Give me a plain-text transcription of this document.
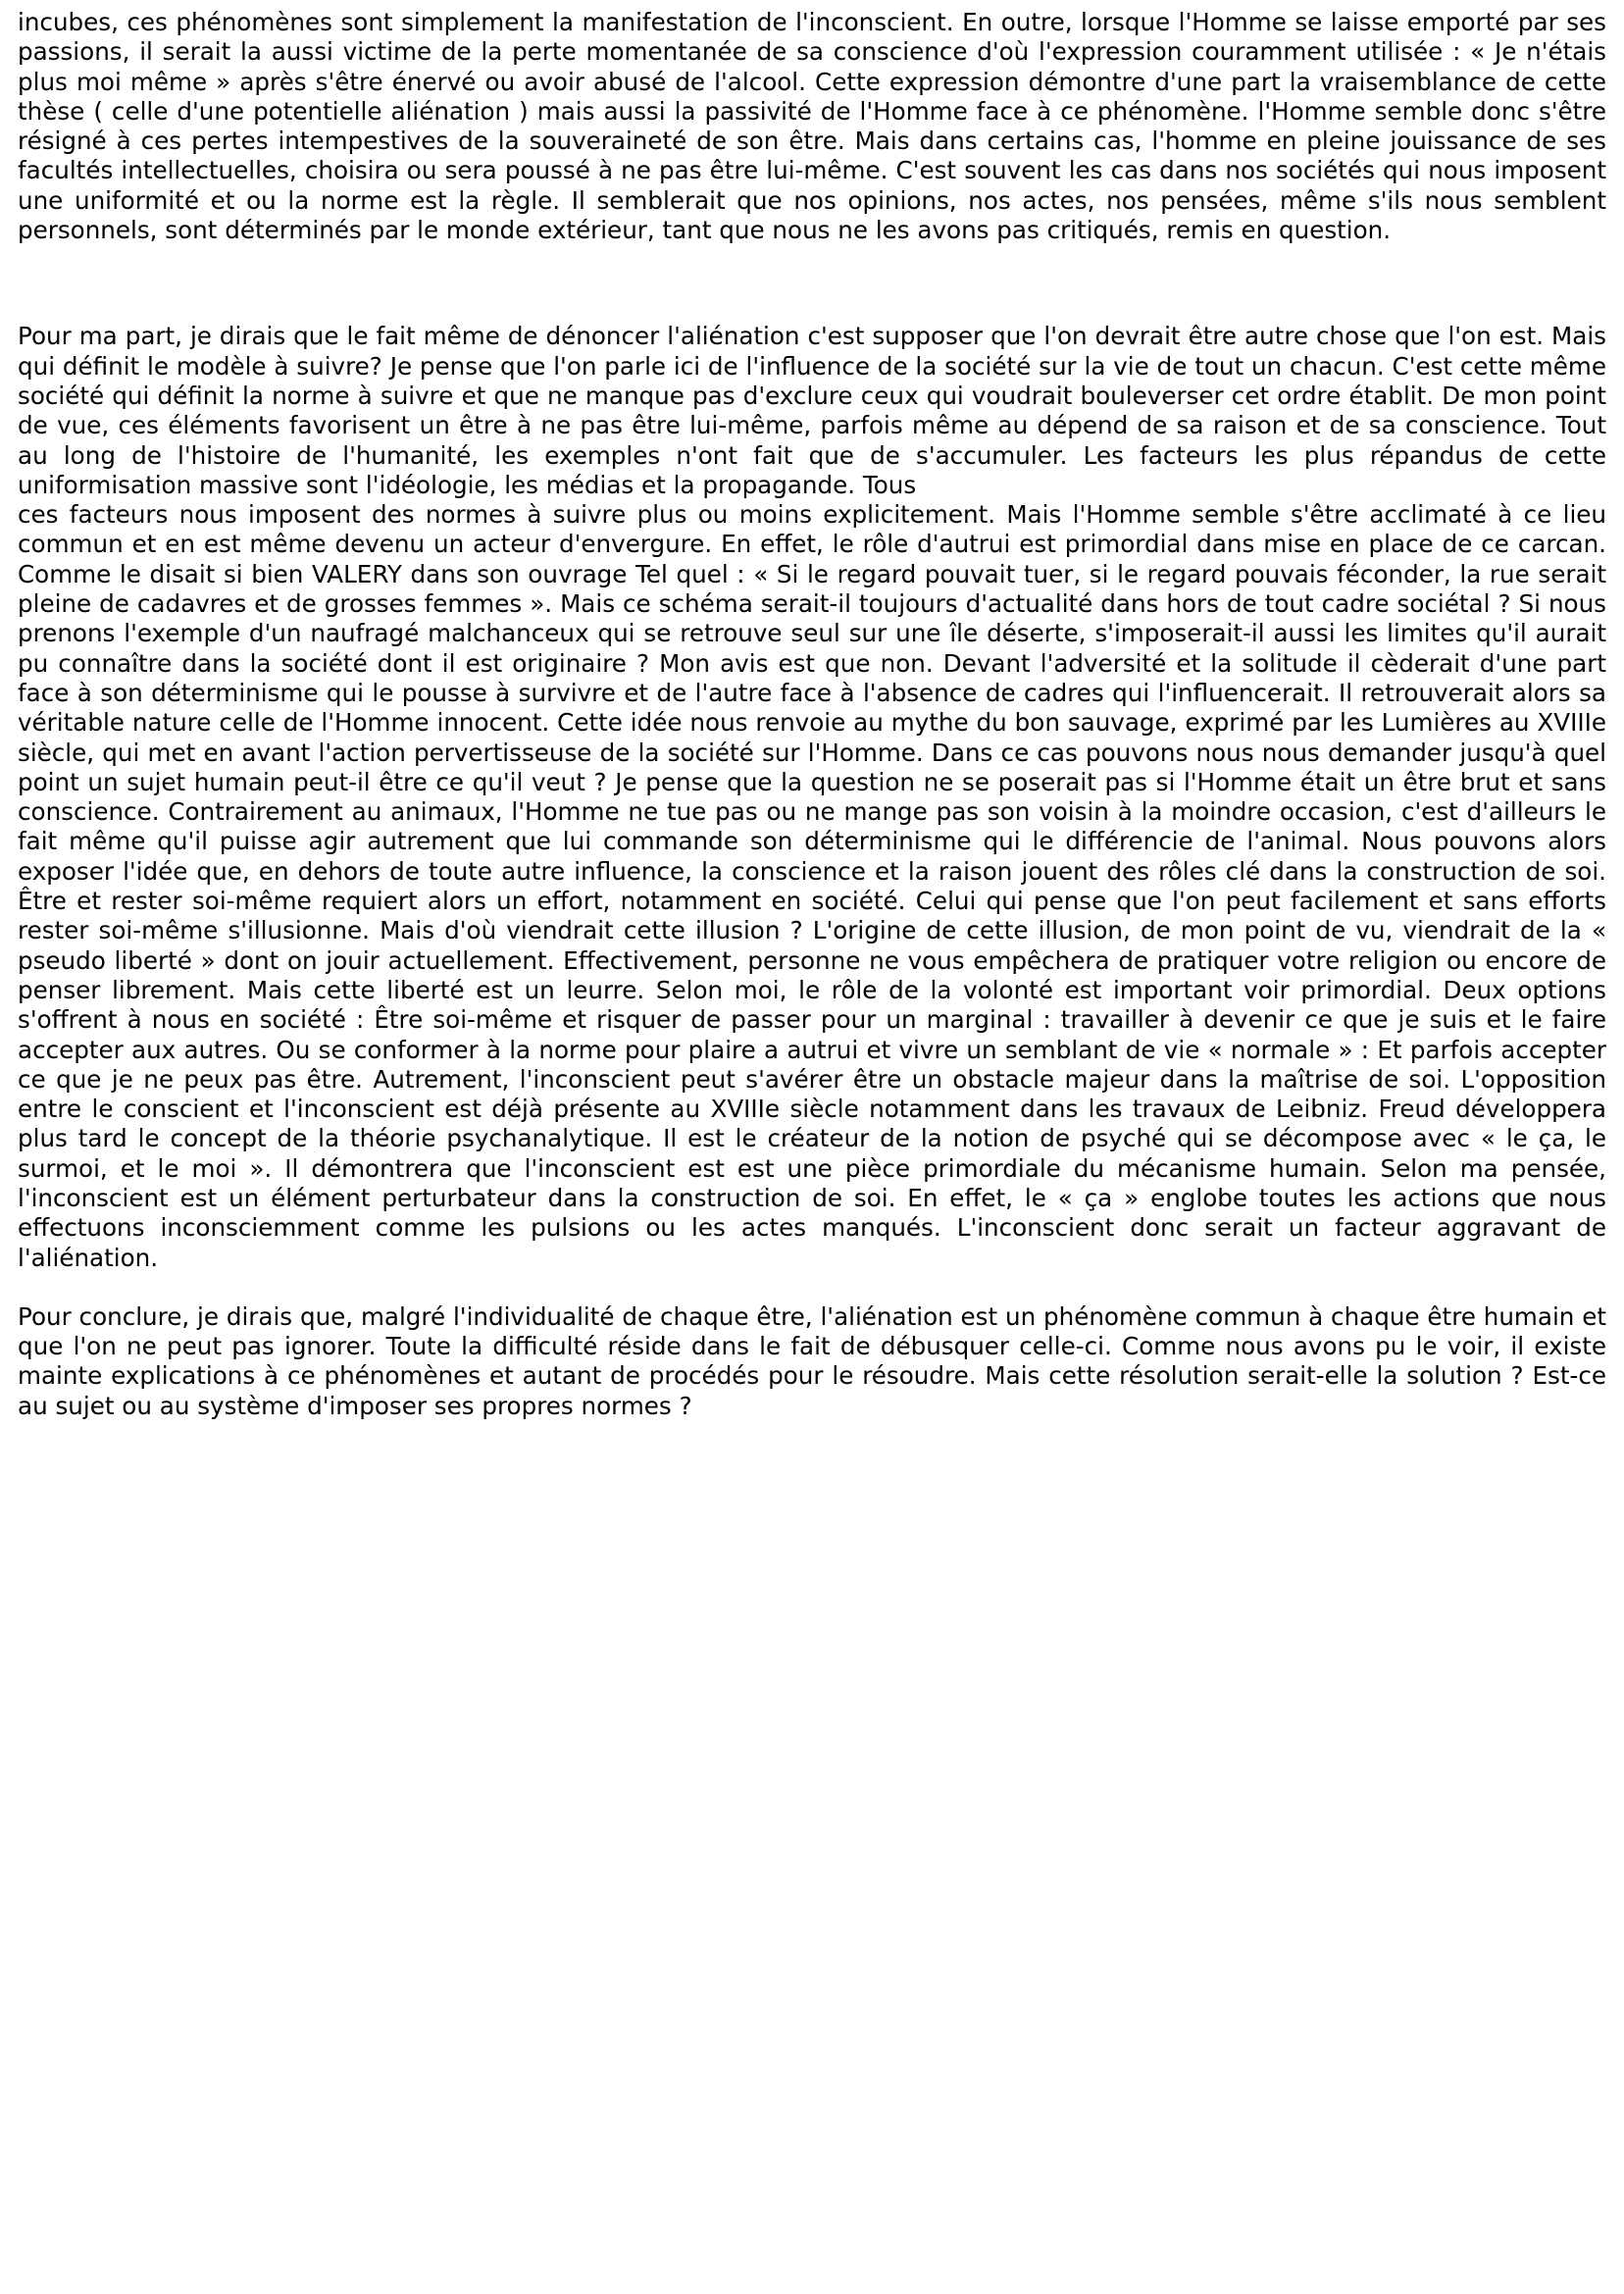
incubes, ces phénomènes sont simplement la manifestation de l'inconscient. En outre, lorsque l'Homme se laisse emporté par ses passions, il serait la aussi victime de la perte momentanée de sa conscience d'où l'expression couramment utilisée : « Je n'étais plus moi même » après s'être énervé ou avoir abusé de l'alcool. Cette expression démontre d'une part la vraisemblance de cette thèse ( celle d'une potentielle aliénation ) mais aussi la passivité de l'Homme face à ce phénomène. l'Homme semble donc s'être résigné à ces pertes intempestives de la souveraineté de son être. Mais dans certains cas, l'homme en pleine jouissance de ses facultés intellectuelles, choisira ou sera poussé à ne pas être lui-même. C'est souvent les cas dans nos sociétés qui nous imposent une uniformité et ou la norme est la règle. Il semblerait que nos opinions, nos actes, nos pensées, même s'ils nous semblent personnels, sont déterminés par le monde extérieur, tant que nous ne les avons pas critiqués, remis en question.

Pour ma part, je dirais que le fait même de dénoncer l'aliénation c'est supposer que l'on devrait être autre chose que l'on est. Mais qui définit le modèle à suivre? Je pense que l'on parle ici de l'influence de la société sur la vie de tout un chacun. C'est cette même société qui définit la norme à suivre et que ne manque pas d'exclure ceux qui voudrait bouleverser cet ordre établit. De mon point de vue, ces éléments favorisent un être à ne pas être lui-même, parfois même au dépend de sa raison et de sa conscience. Tout au long de l'histoire de l'humanité, les exemples n'ont fait que de s'accumuler. Les facteurs les plus répandus de cette uniformisation massive sont l'idéologie, les médias et la propagande. Tous

ces facteurs nous imposent des normes à suivre plus ou moins explicitement. Mais l'Homme semble s'être acclimaté à ce lieu commun et en est même devenu un acteur d'envergure. En effet, le rôle d'autrui est primordial dans mise en place de ce carcan. Comme le disait si bien VALERY dans son ouvrage Tel quel : « Si le regard pouvait tuer, si le regard pouvais féconder, la rue serait pleine de cadavres et de grosses femmes ». Mais ce schéma serait-il toujours d'actualité dans hors de tout cadre sociétal ? Si nous prenons l'exemple d'un naufragé malchanceux qui se retrouve seul sur une île déserte, s'imposerait-il aussi les limites qu'il aurait pu connaître dans la société dont il est originaire ? Mon avis est que non. Devant l'adversité et la solitude il cèderait d'une part face à son déterminisme qui le pousse à survivre et de l'autre face à l'absence de cadres qui l'influencerait. Il retrouverait alors sa véritable nature celle de l'Homme innocent. Cette idée nous renvoie au mythe du bon sauvage, exprimé par les Lumières au XVIIIe siècle, qui met en avant l'action pervertisseuse de la société sur l'Homme. Dans ce cas pouvons nous nous demander jusqu'à quel point un sujet humain peut-il être ce qu'il veut ? Je pense que la question ne se poserait pas si l'Homme était un être brut et sans conscience. Contrairement au animaux, l'Homme ne tue pas ou ne mange pas son voisin à la moindre occasion, c'est d'ailleurs le fait même qu'il puisse agir autrement que lui commande son déterminisme qui le différencie de l'animal. Nous pouvons alors exposer l'idée que, en dehors de toute autre influence, la conscience et la raison jouent des rôles clé dans la construction de soi. Être et rester soi-même requiert alors un effort, notamment en société. Celui qui pense que l'on peut facilement et sans efforts rester soi-même s'illusionne. Mais d'où viendrait cette illusion ? L'origine de cette illusion, de mon point de vu, viendrait de la « pseudo liberté » dont on jouir actuellement. Effectivement, personne ne vous empêchera de pratiquer votre religion ou encore de penser librement. Mais cette liberté est un leurre. Selon moi, le rôle de la volonté est important voir primordial. Deux options s'offrent à nous en société : Être soi-même et risquer de passer pour un marginal : travailler à devenir ce que je suis et le faire accepter aux autres. Ou se conformer à la norme pour plaire a autrui et vivre un semblant de vie « normale » : Et parfois accepter ce que je ne peux pas être. Autrement, l'inconscient peut s'avérer être un obstacle majeur dans la maîtrise de soi. L'opposition entre le conscient et l'inconscient est déjà présente au XVIIIe siècle notamment dans les travaux de Leibniz. Freud développera plus tard le concept de la théorie psychanalytique. Il est le créateur de la notion de psyché qui se décompose avec « le ça, le surmoi, et le moi ». Il démontrera que l'inconscient est est une pièce primordiale du mécanisme humain. Selon ma pensée, l'inconscient est un élément perturbateur dans la construction de soi. En effet, le « ça » englobe toutes les actions que nous effectuons inconsciemment comme les pulsions ou les actes manqués. L'inconscient donc serait un facteur aggravant de l'aliénation.

Pour conclure, je dirais que, malgré l'individualité de chaque être, l'aliénation est un phénomène commun à chaque être humain et que l'on ne peut pas ignorer. Toute la difficulté réside dans le fait de débusquer celle-ci. Comme nous avons pu le voir, il existe mainte explications à ce phénomènes et autant de procédés pour le résoudre. Mais cette résolution serait-elle la solution ? Est-ce au sujet ou au système d'imposer ses propres normes ?
